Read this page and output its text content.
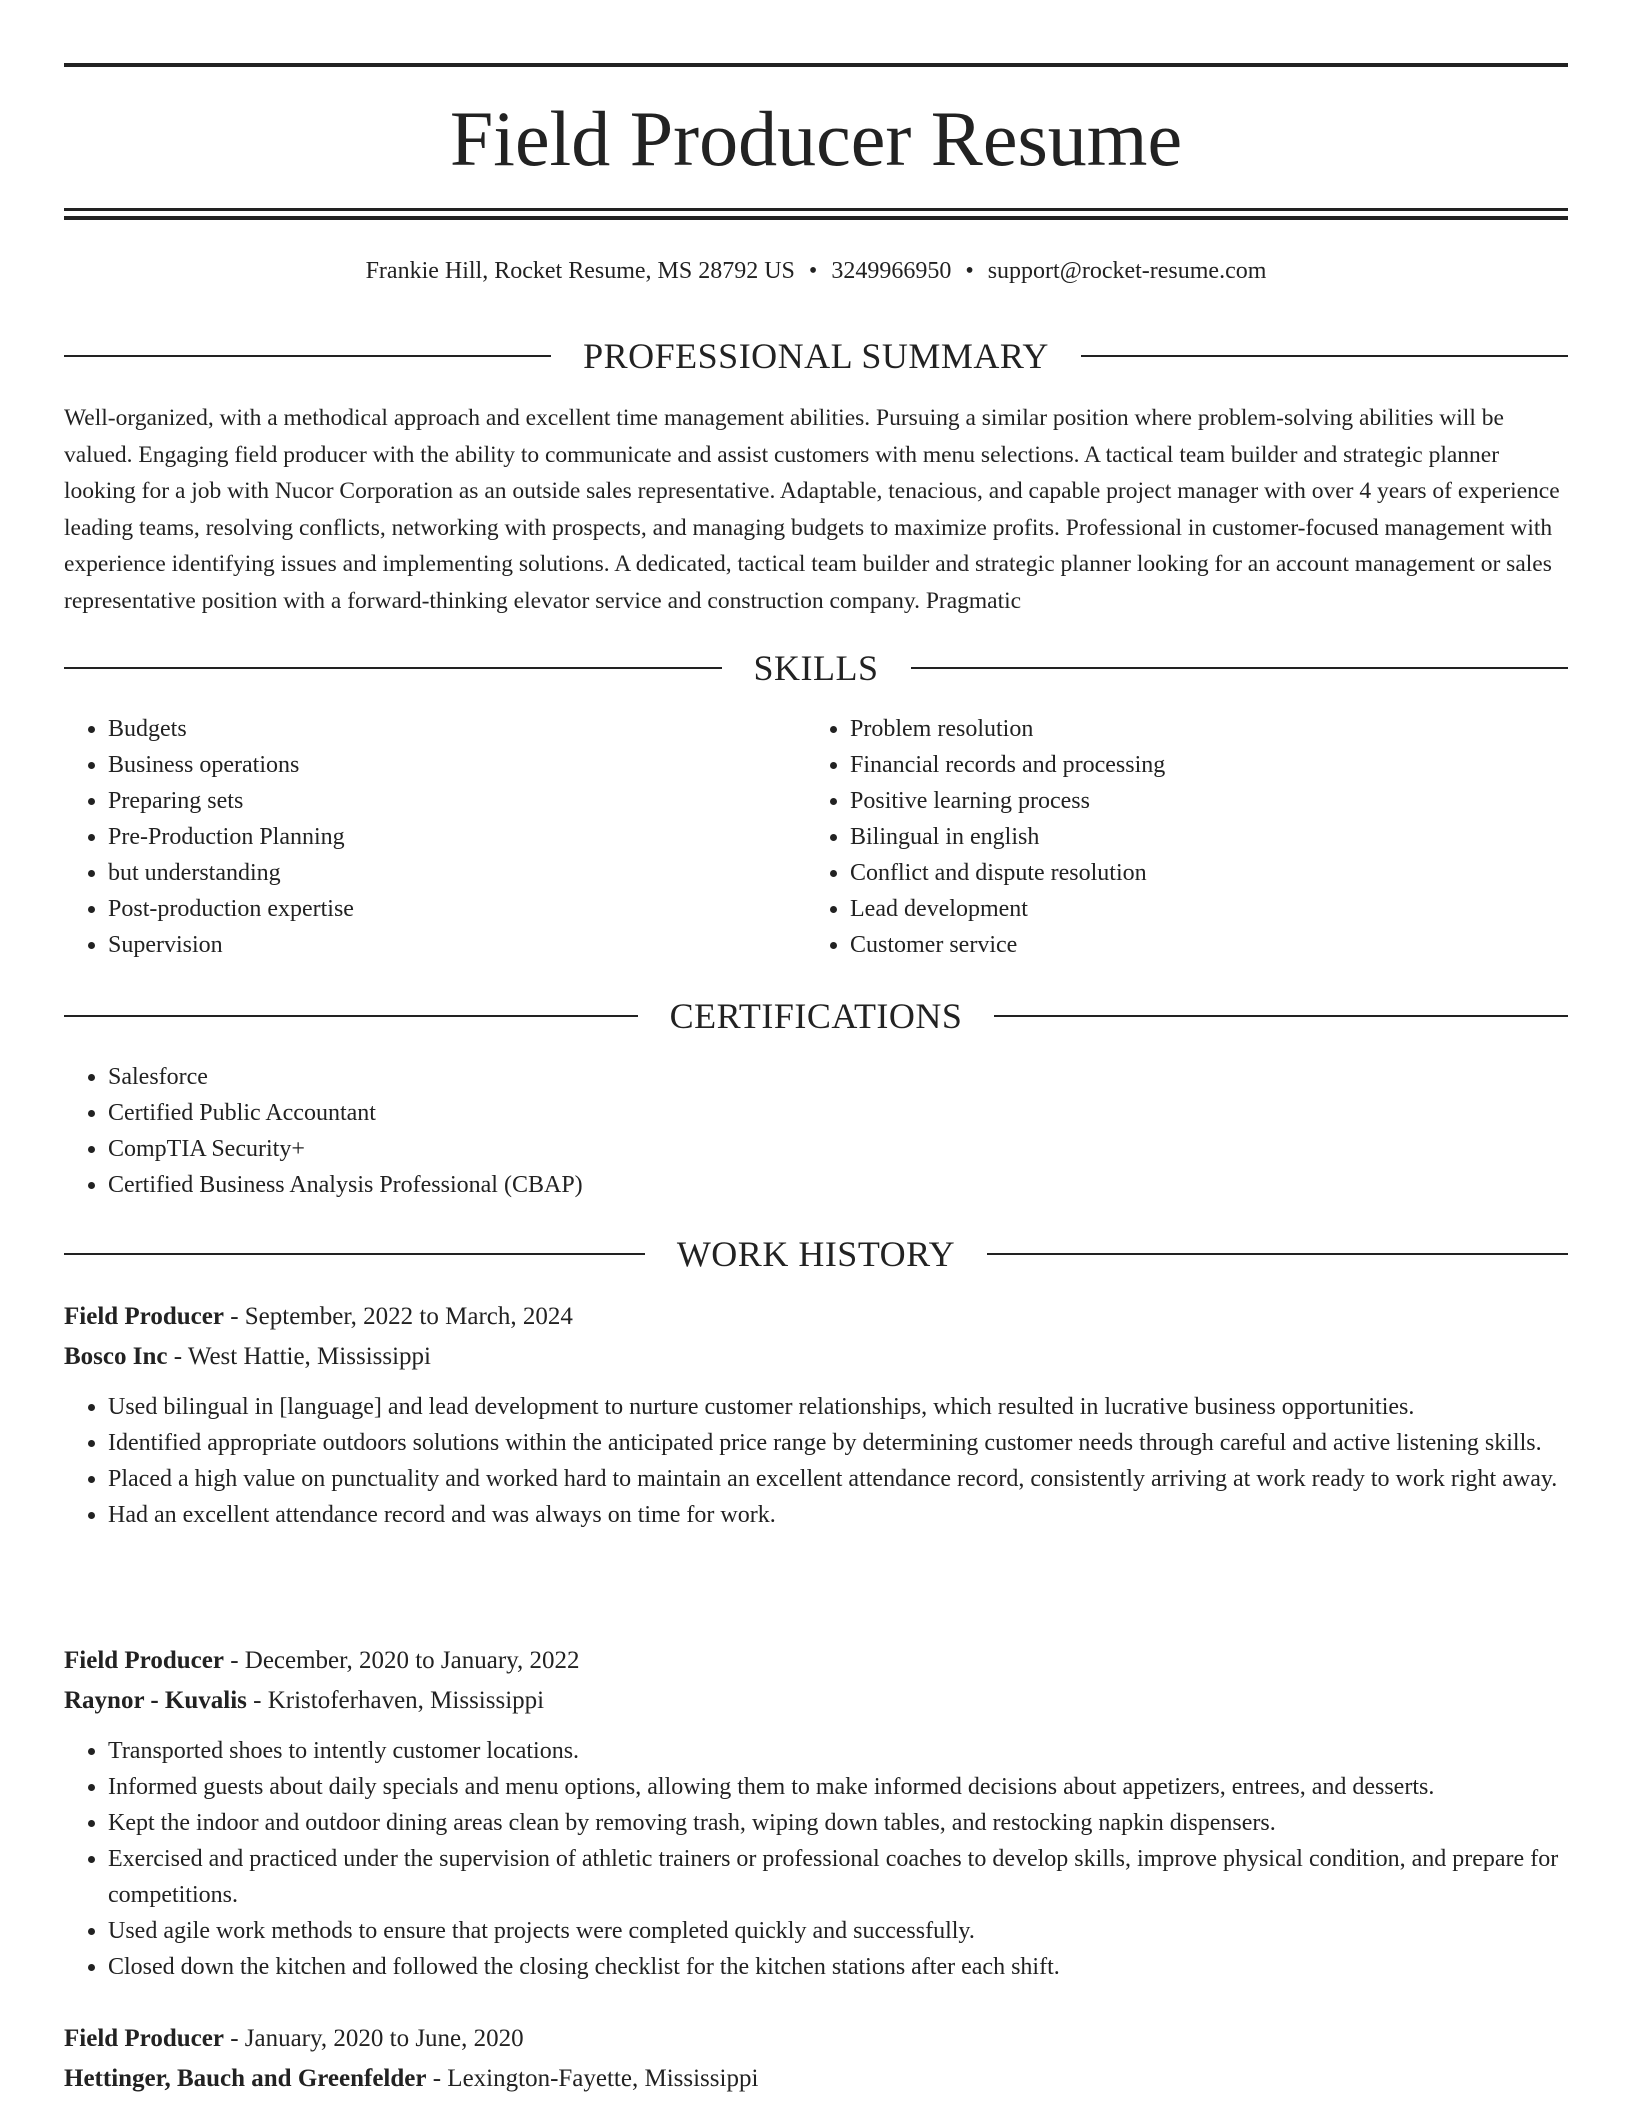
Field Producer Resume
Frankie Hill, Rocket Resume, MS 28792 US • 3249966950 • support@rocket-resume.com
PROFESSIONAL SUMMARY
Well-organized, with a methodical approach and excellent time management abilities. Pursuing a similar position where problem-solving abilities will be valued. Engaging field producer with the ability to communicate and assist customers with menu selections. A tactical team builder and strategic planner looking for a job with Nucor Corporation as an outside sales representative. Adaptable, tenacious, and capable project manager with over 4 years of experience leading teams, resolving conflicts, networking with prospects, and managing budgets to maximize profits. Professional in customer-focused management with experience identifying issues and implementing solutions. A dedicated, tactical team builder and strategic planner looking for an account management or sales representative position with a forward-thinking elevator service and construction company. Pragmatic
SKILLS
• Budgets
• Business operations
• Preparing sets
• Pre-Production Planning
• but understanding
• Post-production expertise
• Supervision
• Problem resolution
• Financial records and processing
• Positive learning process
• Bilingual in english
• Conflict and dispute resolution
• Lead development
• Customer service
CERTIFICATIONS
• Salesforce
• Certified Public Accountant
• CompTIA Security+
• Certified Business Analysis Professional (CBAP)
WORK HISTORY
Field Producer - September, 2022 to March, 2024
Bosco Inc - West Hattie, Mississippi
• Used bilingual in [language] and lead development to nurture customer relationships, which resulted in lucrative business opportunities.
• Identified appropriate outdoors solutions within the anticipated price range by determining customer needs through careful and active listening skills.
• Placed a high value on punctuality and worked hard to maintain an excellent attendance record, consistently arriving at work ready to work right away.
• Had an excellent attendance record and was always on time for work.
Field Producer - December, 2020 to January, 2022
Raynor - Kuvalis - Kristoferhaven, Mississippi
• Transported shoes to intently customer locations.
• Informed guests about daily specials and menu options, allowing them to make informed decisions about appetizers, entrees, and desserts.
• Kept the indoor and outdoor dining areas clean by removing trash, wiping down tables, and restocking napkin dispensers.
• Exercised and practiced under the supervision of athletic trainers or professional coaches to develop skills, improve physical condition, and prepare for competitions.
• Used agile work methods to ensure that projects were completed quickly and successfully.
• Closed down the kitchen and followed the closing checklist for the kitchen stations after each shift.
Field Producer - January, 2020 to June, 2020
Hettinger, Bauch and Greenfelder - Lexington-Fayette, Mississippi
